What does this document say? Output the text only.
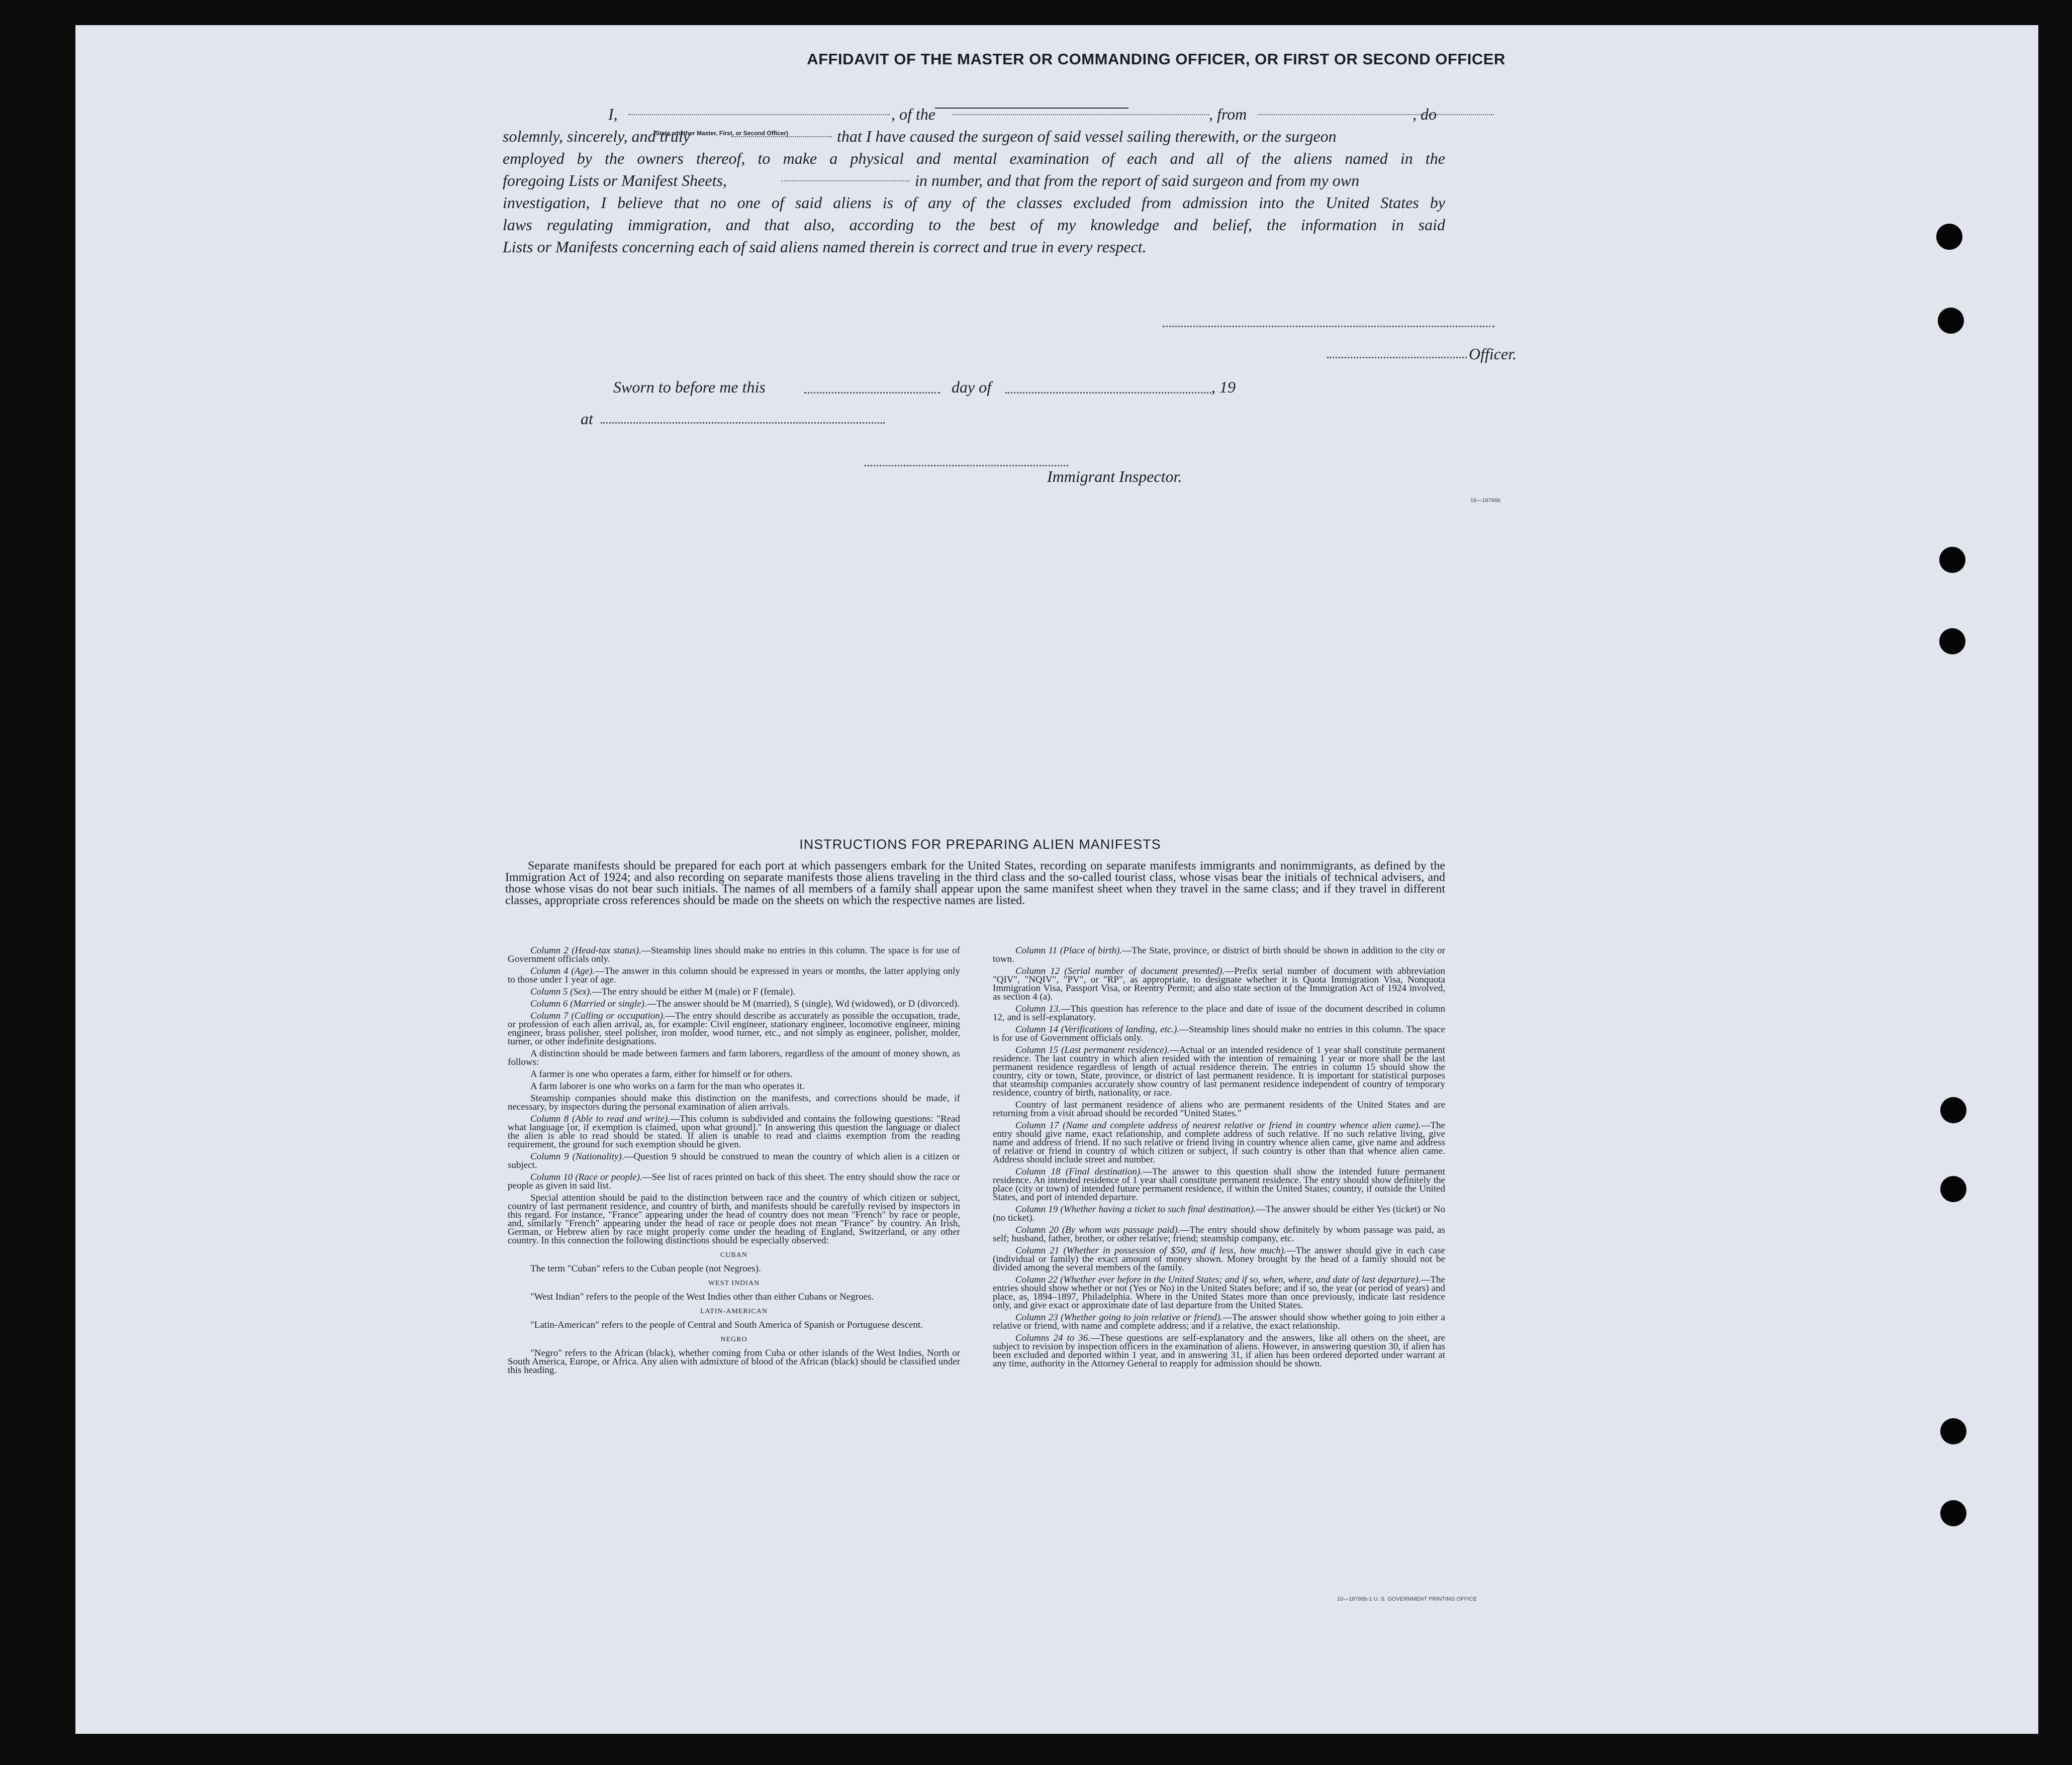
AFFIDAVIT OF THE MASTER OR COMMANDING OFFICER, OR FIRST OR SECOND OFFICER
I,	, of the	, from	, do
(State whether Master, First, or Second Officer)
solemnly, sincerely, and truly	that I have caused the surgeon of said vessel sailing therewith, or the surgeon
employed by the owners thereof, to make a physical and mental examination of each and all of the aliens named in the
foregoing Lists or Manifest Sheets,	in number, and that from the report of said surgeon and from my own
investigation, I believe that no one of said aliens is of any of the classes excluded from admission into the United States by
laws regulating immigration, and that also, according to the best of my knowledge and belief, the information in said
Lists or Manifests concerning each of said aliens named therein is correct and true in every respect.
Officer.
Sworn to before me this	day of	, 19
at
Immigrant Inspector.
16—18766b
INSTRUCTIONS FOR PREPARING ALIEN MANIFESTS
Separate manifests should be prepared for each port at which passengers embark for the United States, recording on separate manifests immigrants and nonimmigrants, as defined by the Immigration Act of 1924; and also recording on separate manifests those aliens traveling in the third class and the so-called tourist class, whose visas bear the initials of technical advisers, and those whose visas do not bear such initials. The names of all members of a family shall appear upon the same manifest sheet when they travel in the same class; and if they travel in different classes, appropriate cross references should be made on the sheets on which the respective names are listed.

Column 2 (Head-tax status).—Steamship lines should make no entries in this column. The space is for use of Government officials only.

Column 4 (Age).—The answer in this column should be expressed in years or months, the latter applying only to those under 1 year of age.

Column 5 (Sex).—The entry should be either M (male) or F (female).

Column 6 (Married or single).—The answer should be M (married), S (single), Wd (widowed), or D (divorced).

Column 7 (Calling or occupation).—The entry should describe as accurately as possible the occupation, trade, or profession of each alien arrival, as, for example: Civil engineer, stationary engineer, locomotive engineer, mining engineer, brass polisher, steel polisher, iron molder, wood turner, etc., and not simply as engineer, polisher, molder, turner, or other indefinite designations.

A distinction should be made between farmers and farm laborers, regardless of the amount of money shown, as follows:

A farmer is one who operates a farm, either for himself or for others.

A farm laborer is one who works on a farm for the man who operates it.

Steamship companies should make this distinction on the manifests, and corrections should be made, if necessary, by inspectors during the personal examination of alien arrivals.

Column 8 (Able to read and write).—This column is subdivided and contains the following questions: "Read what language [or, if exemption is claimed, upon what ground]." In answering this question the language or dialect the alien is able to read should be stated. If alien is unable to read and claims exemption from the reading requirement, the ground for such exemption should be given.

Column 9 (Nationality).—Question 9 should be construed to mean the country of which alien is a citizen or subject.

Column 10 (Race or people).—See list of races printed on back of this sheet. The entry should show the race or people as given in said list.

Special attention should be paid to the distinction between race and the country of which citizen or subject, country of last permanent residence, and country of birth, and manifests should be carefully revised by inspectors in this regard. For instance, "France" appearing under the head of country does not mean "French" by race or people, and, similarly "French" appearing under the head of race or people does not mean "France" by country. An Irish, German, or Hebrew alien by race might properly come under the heading of England, Switzerland, or any other country. In this connection the following distinctions should be especially observed:

CUBAN

The term "Cuban" refers to the Cuban people (not Negroes).

WEST INDIAN

"West Indian" refers to the people of the West Indies other than either Cubans or Negroes.

LATIN-AMERICAN

"Latin-American" refers to the people of Central and South America of Spanish or Portuguese descent.

NEGRO

"Negro" refers to the African (black), whether coming from Cuba or other islands of the West Indies, North or South America, Europe, or Africa. Any alien with admixture of blood of the African (black) should be classified under this heading.

Column 11 (Place of birth).—The State, province, or district of birth should be shown in addition to the city or town.

Column 12 (Serial number of document presented).—Prefix serial number of document with abbreviation "QIV", "NQIV", "PV", or "RP", as appropriate, to designate whether it is Quota Immigration Visa, Nonquota Immigration Visa, Passport Visa, or Reentry Permit; and also state section of the Immigration Act of 1924 involved, as section 4 (a).

Column 13.—This question has reference to the place and date of issue of the document described in column 12, and is self-explanatory.

Column 14 (Verifications of landing, etc.).—Steamship lines should make no entries in this column. The space is for use of Government officials only.

Column 15 (Last permanent residence).—Actual or an intended residence of 1 year shall constitute permanent residence. The last country in which alien resided with the intention of remaining 1 year or more shall be the last permanent residence regardless of length of actual residence therein. The entries in column 15 should show the country, city or town, State, province, or district of last permanent residence. It is important for statistical purposes that steamship companies accurately show country of last permanent residence independent of country of temporary residence, country of birth, nationality, or race.

Country of last permanent residence of aliens who are permanent residents of the United States and are returning from a visit abroad should be recorded "United States."

Column 17 (Name and complete address of nearest relative or friend in country whence alien came).—The entry should give name, exact relationship, and complete address of such relative. If no such relative living, give name and address of friend. If no such relative or friend living in country whence alien came, give name and address of relative or friend in country of which citizen or subject, if such country is other than that whence alien came. Address should include street and number.

Column 18 (Final destination).—The answer to this question shall show the intended future permanent residence. An intended residence of 1 year shall constitute permanent residence. The entry should show definitely the place (city or town) of intended future permanent residence, if within the United States; country, if outside the United States, and port of intended departure.

Column 19 (Whether having a ticket to such final destination).—The answer should be either Yes (ticket) or No (no ticket).

Column 20 (By whom was passage paid).—The entry should show definitely by whom passage was paid, as self; husband, father, brother, or other relative; friend; steamship company, etc.

Column 21 (Whether in possession of $50, and if less, how much).—The answer should give in each case (individual or family) the exact amount of money shown. Money brought by the head of a family should not be divided among the several members of the family.

Column 22 (Whether ever before in the United States; and if so, when, where, and date of last departure).—The entries should show whether or not (Yes or No) in the United States before; and if so, the year (or period of years) and place, as, 1894–1897, Philadelphia. Where in the United States more than once previously, indicate last residence only, and give exact or approximate date of last departure from the United States.

Column 23 (Whether going to join relative or friend).—The answer should show whether going to join either a relative or friend, with name and complete address; and if a relative, the exact relationship.

Columns 24 to 36.—These questions are self-explanatory and the answers, like all others on the sheet, are subject to revision by inspection officers in the examination of aliens. However, in answering question 30, if alien has been excluded and deported within 1 year, and in answering 31, if alien has been ordered deported under warrant at any time, authority in the Attorney General to reapply for admission should be shown.

10—18766b-1 U. S. GOVERNMENT PRINTING OFFICE
